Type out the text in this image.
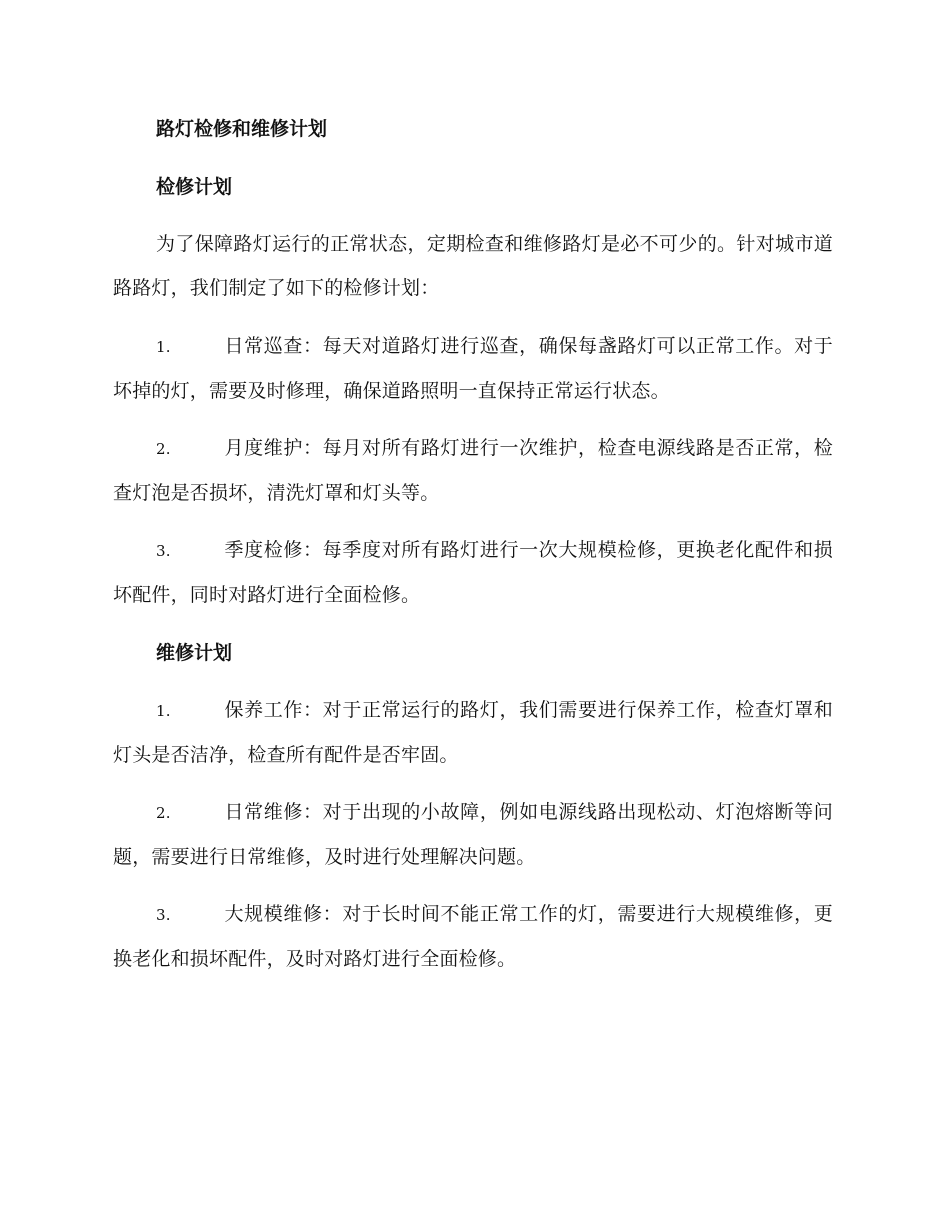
路灯检修和维修计划
检修计划
为了保障路灯运行的正常状态，定期检查和维修路灯是必不可少的。针对城市道路路灯，我们制定了如下的检修计划：
1.	日常巡查：每天对道路灯进行巡查，确保每盏路灯可以正常工作。对于坏掉的灯，需要及时修理，确保道路照明一直保持正常运行状态。
2.	月度维护：每月对所有路灯进行一次维护，检查电源线路是否正常，检查灯泡是否损坏，清洗灯罩和灯头等。
3.	季度检修：每季度对所有路灯进行一次大规模检修，更换老化配件和损坏配件，同时对路灯进行全面检修。
维修计划
1.	保养工作：对于正常运行的路灯，我们需要进行保养工作，检查灯罩和灯头是否洁净，检查所有配件是否牢固。
2.	日常维修：对于出现的小故障，例如电源线路出现松动、灯泡熔断等问题，需要进行日常维修，及时进行处理解决问题。
3.	大规模维修：对于长时间不能正常工作的灯，需要进行大规模维修，更换老化和损坏配件，及时对路灯进行全面检修。
